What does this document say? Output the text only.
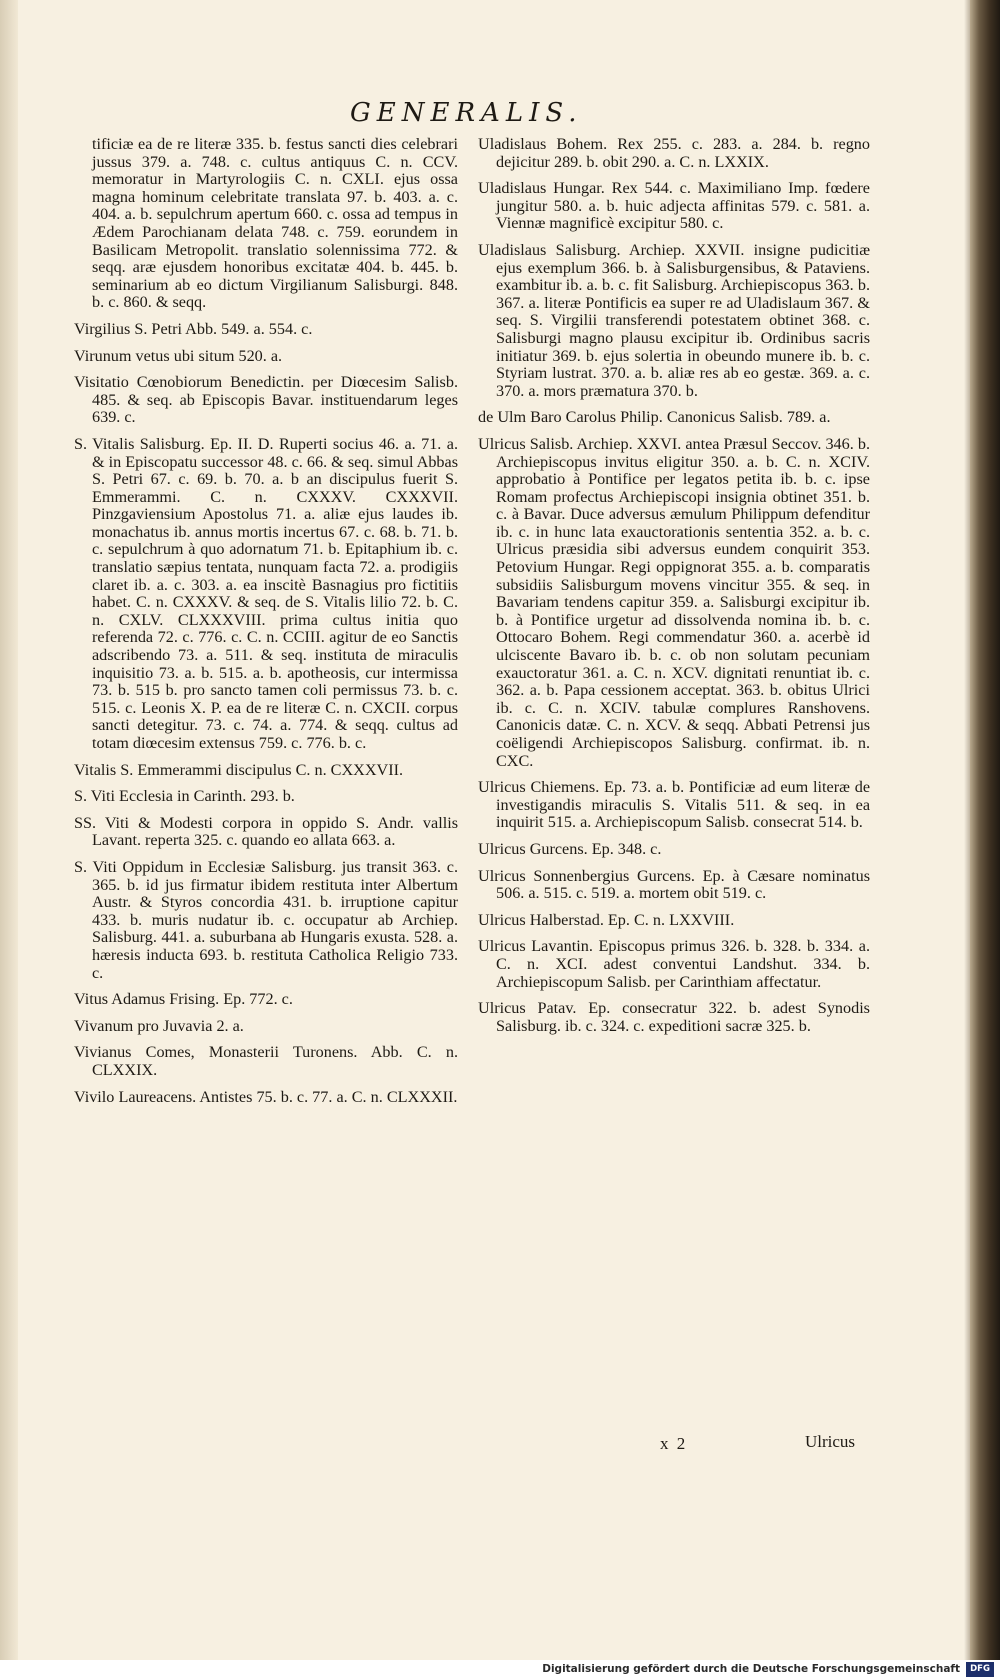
GENERALIS.

tificiæ ea de re literæ 335. b. festus sancti dies celebrari jussus 379. a. 748. c. cultus antiquus C. n. CCV. memoratur in Martyrologiis C. n. CXLI. ejus ossa magna hominum celebritate translata 97. b. 403. a. c. 404. a. b. sepulchrum apertum 660. c. ossa ad tempus in Ædem Parochianam delata 748. c. 759. eorundem in Basilicam Metropolit. translatio solennissima 772. & seqq. aræ ejusdem honoribus excitatæ 404. b. 445. b. seminarium ab eo dictum Virgilianum Salisburgi. 848. b. c. 860. & seqq.

Virgilius S. Petri Abb. 549. a. 554. c.

Virunum vetus ubi situm 520. a.

Visitatio Cœnobiorum Benedictin. per Diœcesim Salisb. 485. & seq. ab Episcopis Bavar. instituendarum leges 639. c.

S. Vitalis Salisburg. Ep. II. D. Ruperti socius 46. a. 71. a. & in Episcopatu successor 48. c. 66. & seq. simul Abbas S. Petri 67. c. 69. b. 70. a. b an discipulus fuerit S. Emmerammi. C. n. CXXXV. CXXXVII. Pinzgaviensium Apostolus 71. a. aliæ ejus laudes ib. monachatus ib. annus mortis incertus 67. c. 68. b. 71. b. c. sepulchrum à quo adornatum 71. b. Epitaphium ib. c. translatio sæpius tentata, nunquam facta 72. a. prodigiis claret ib. a. c. 303. a. ea inscitè Basnagius pro fictitiis habet. C. n. CXXXV. & seq. de S. Vitalis lilio 72. b. C. n. CXLV. CLXXXVIII. prima cultus initia quo referenda 72. c. 776. c. C. n. CCIII. agitur de eo Sanctis adscribendo 73. a. 511. & seq. instituta de miraculis inquisitio 73. a. b. 515. a. b. apotheosis, cur intermissa 73. b. 515 b. pro sancto tamen coli permissus 73. b. c. 515. c. Leonis X. P. ea de re literæ C. n. CXCII. corpus sancti detegitur. 73. c. 74. a. 774. & seqq. cultus ad totam diœcesim extensus 759. c. 776. b. c.

Vitalis S. Emmerammi discipulus C. n. CXXXVII.

S. Viti Ecclesia in Carinth. 293. b.

SS. Viti & Modesti corpora in oppido S. Andr. vallis Lavant. reperta 325. c. quando eo allata 663. a.

S. Viti Oppidum in Ecclesiæ Salisburg. jus transit 363. c. 365. b. id jus firmatur ibidem restituta inter Albertum Austr. & Styros concordia 431. b. irruptione capitur 433. b. muris nudatur ib. c. occupatur ab Archiep. Salisburg. 441. a. suburbana ab Hungaris exusta. 528. a. hæresis inducta 693. b. restituta Catholica Religio 733. c.

Vitus Adamus Frising. Ep. 772. c.

Vivanum pro Juvavia 2. a.

Vivianus Comes, Monasterii Turonens. Abb. C. n. CLXXIX.

Vivilo Laureacens. Antistes 75. b. c. 77. a. C. n. CLXXXII.

Uladislaus Bohem. Rex 255. c. 283. a. 284. b. regno dejicitur 289. b. obit 290. a. C. n. LXXIX.

Uladislaus Hungar. Rex 544. c. Maximiliano Imp. fœdere jungitur 580. a. b. huic adjecta affinitas 579. c. 581. a. Viennæ magnificè excipitur 580. c.

Uladislaus Salisburg. Archiep. XXVII. insigne pudicitiæ ejus exemplum 366. b. à Salisburgensibus, & Pataviens. exambitur ib. a. b. c. fit Salisburg. Archiepiscopus 363. b. 367. a. literæ Pontificis ea super re ad Uladislaum 367. & seq. S. Virgilii transferendi potestatem obtinet 368. c. Salisburgi magno plausu excipitur ib. Ordinibus sacris initiatur 369. b. ejus solertia in obeundo munere ib. b. c. Styriam lustrat. 370. a. b. aliæ res ab eo gestæ. 369. a. c. 370. a. mors præmatura 370. b.

de Ulm Baro Carolus Philip. Canonicus Salisb. 789. a.

Ulricus Salisb. Archiep. XXVI. antea Præsul Seccov. 346. b. Archiepiscopus invitus eligitur 350. a. b. C. n. XCIV. approbatio à Pontifice per legatos petita ib. b. c. ipse Romam profectus Archiepiscopi insignia obtinet 351. b. c. à Bavar. Duce adversus æmulum Philippum defenditur ib. c. in hunc lata exauctorationis sententia 352. a. b. c. Ulricus præsidia sibi adversus eundem conquirit 353. Petovium Hungar. Regi oppignorat 355. a. b. comparatis subsidiis Salisburgum movens vincitur 355. & seq. in Bavariam tendens capitur 359. a. Salisburgi excipitur ib. b. à Pontifice urgetur ad dissolvenda nomina ib. b. c. Ottocaro Bohem. Regi commendatur 360. a. acerbè id ulciscente Bavaro ib. b. c. ob non solutam pecuniam exauctoratur 361. a. C. n. XCV. dignitati renuntiat ib. c. 362. a. b. Papa cessionem acceptat. 363. b. obitus Ulrici ib. c. C. n. XCIV. tabulæ complures Ranshovens. Canonicis datæ. C. n. XCV. & seqq. Abbati Petrensi jus coëligendi Archiepiscopos Salisburg. confirmat. ib. n. CXC.

Ulricus Chiemens. Ep. 73. a. b. Pontificiæ ad eum literæ de investigandis miraculis S. Vitalis 511. & seq. in ea inquirit 515. a. Archiepiscopum Salisb. consecrat 514. b.

Ulricus Gurcens. Ep. 348. c.

Ulricus Sonnenbergius Gurcens. Ep. à Cæsare nominatus 506. a. 515. c. 519. a. mortem obit 519. c.

Ulricus Halberstad. Ep. C. n. LXXVIII.

Ulricus Lavantin. Episcopus primus 326. b. 328. b. 334. a. C. n. XCI. adest conventui Landshut. 334. b. Archiepiscopum Salisb. per Carinthiam affectatur.

Ulricus Patav. Ep. consecratur 322. b. adest Synodis Salisburg. ib. c. 324. c. expeditioni sacræ 325. b.

x 2	Ulricus
Digitalisierung gefördert durch die Deutsche Forschungsgemeinschaft	DFG
